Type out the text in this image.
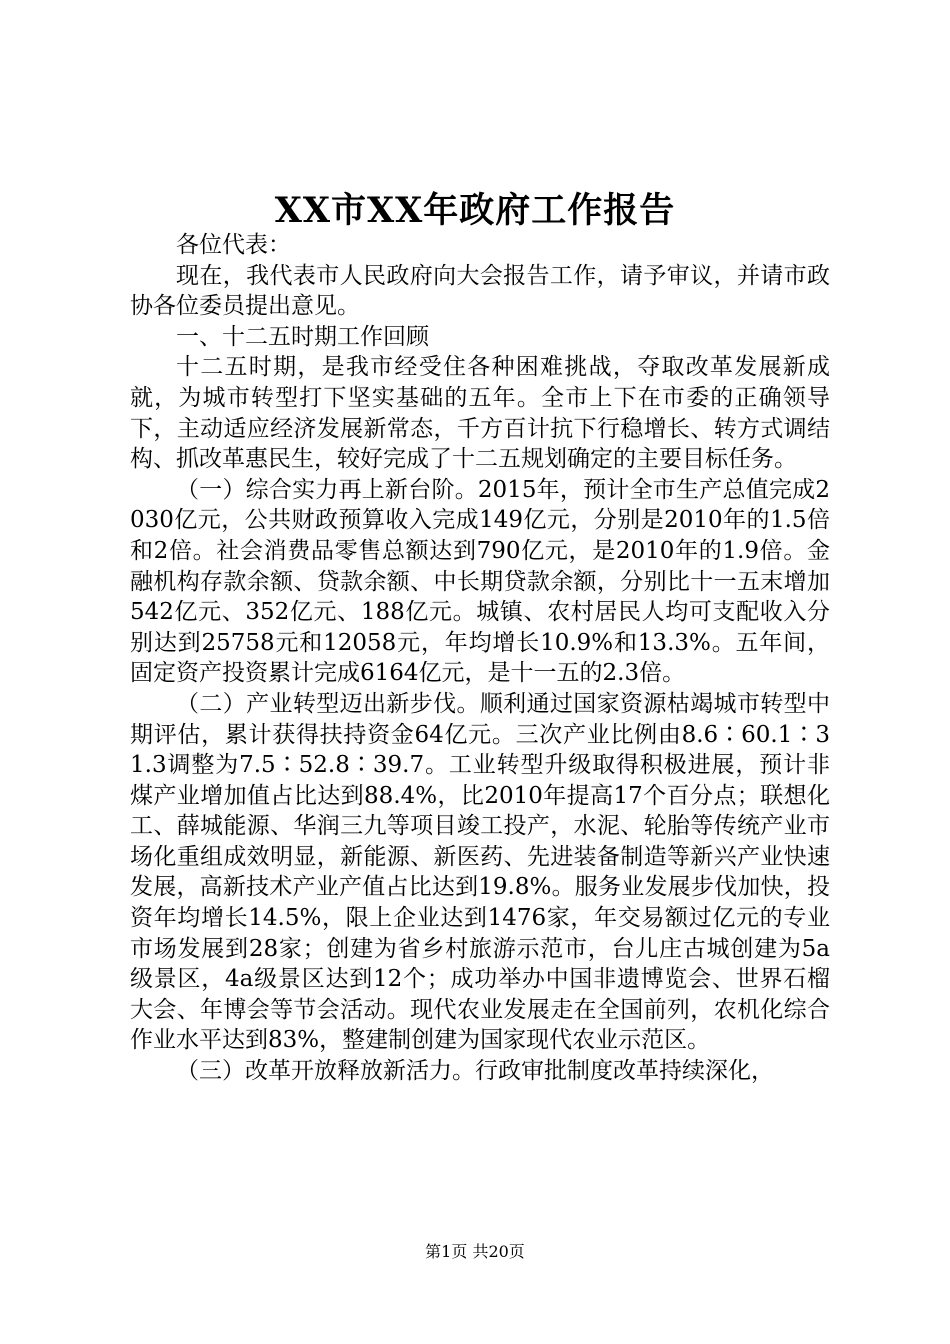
XX市XX年政府工作报告

各位代表：

现在，我代表市人民政府向大会报告工作，请予审议，并请市政协各位委员提出意见。

一、十二五时期工作回顾

十二五时期，是我市经受住各种困难挑战，夺取改革发展新成就，为城市转型打下坚实基础的五年。全市上下在市委的正确领导下，主动适应经济发展新常态，千方百计抗下行稳增长、转方式调结构、抓改革惠民生，较好完成了十二五规划确定的主要目标任务。

（一）综合实力再上新台阶。2015年，预计全市生产总值完成2030亿元，公共财政预算收入完成149亿元，分别是2010年的1.5倍和2倍。社会消费品零售总额达到790亿元，是2010年的1.9倍。金融机构存款余额、贷款余额、中长期贷款余额，分别比十一五末增加542亿元、352亿元、188亿元。城镇、农村居民人均可支配收入分别达到25758元和12058元，年均增长10.9%和13.3%。五年间，固定资产投资累计完成6164亿元，是十一五的2.3倍。

（二）产业转型迈出新步伐。顺利通过国家资源枯竭城市转型中期评估，累计获得扶持资金64亿元。三次产业比例由8.6∶60.1∶31.3调整为7.5∶52.8∶39.7。工业转型升级取得积极进展，预计非煤产业增加值占比达到88.4%，比2010年提高17个百分点；联想化工、薛城能源、华润三九等项目竣工投产，水泥、轮胎等传统产业市场化重组成效明显，新能源、新医药、先进装备制造等新兴产业快速发展，高新技术产业产值占比达到19.8%。服务业发展步伐加快，投资年均增长14.5%，限上企业达到1476家，年交易额过亿元的专业市场发展到28家；创建为省乡村旅游示范市，台儿庄古城创建为5a级景区，4a级景区达到12个；成功举办中国非遗博览会、世界石榴大会、年博会等节会活动。现代农业发展走在全国前列，农机化综合作业水平达到83%，整建制创建为国家现代农业示范区。

（三）改革开放释放新活力。行政审批制度改革持续深化，

第1页 共20页
